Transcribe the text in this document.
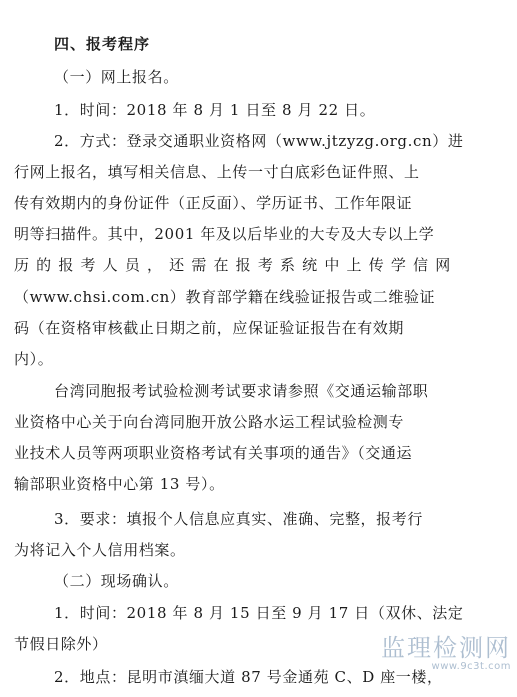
四、报考程序
（一）网上报名。
1．时间：2018 年 8 月 1 日至 8 月 22 日。
2．方式：登录交通职业资格网（www.jtzyzg.org.cn）进
行网上报名，填写相关信息、上传一寸白底彩色证件照、上
传有效期内的身份证件（正反面）、学历证书、工作年限证
明等扫描件。其中，2001 年及以后毕业的大专及大专以上学
历 的 报 考 人 员 ， 还 需 在 报 考 系 统 中 上 传 学 信 网
（www.chsi.com.cn）教育部学籍在线验证报告或二维验证
码（在资格审核截止日期之前，应保证验证报告在有效期
内）。
台湾同胞报考试验检测考试要求请参照《交通运输部职
业资格中心关于向台湾同胞开放公路水运工程试验检测专
业技术人员等两项职业资格考试有关事项的通告》（交通运
输部职业资格中心第 13 号）。
3．要求：填报个人信息应真实、准确、完整，报考行
为将记入个人信用档案。
（二）现场确认。
1．时间：2018 年 8 月 15 日至 9 月 17 日（双休、法定
节假日除外）
2．地点：昆明市滇缅大道 87 号金通苑 C、D 座一楼，
监理检测网
www.9c3t.com
